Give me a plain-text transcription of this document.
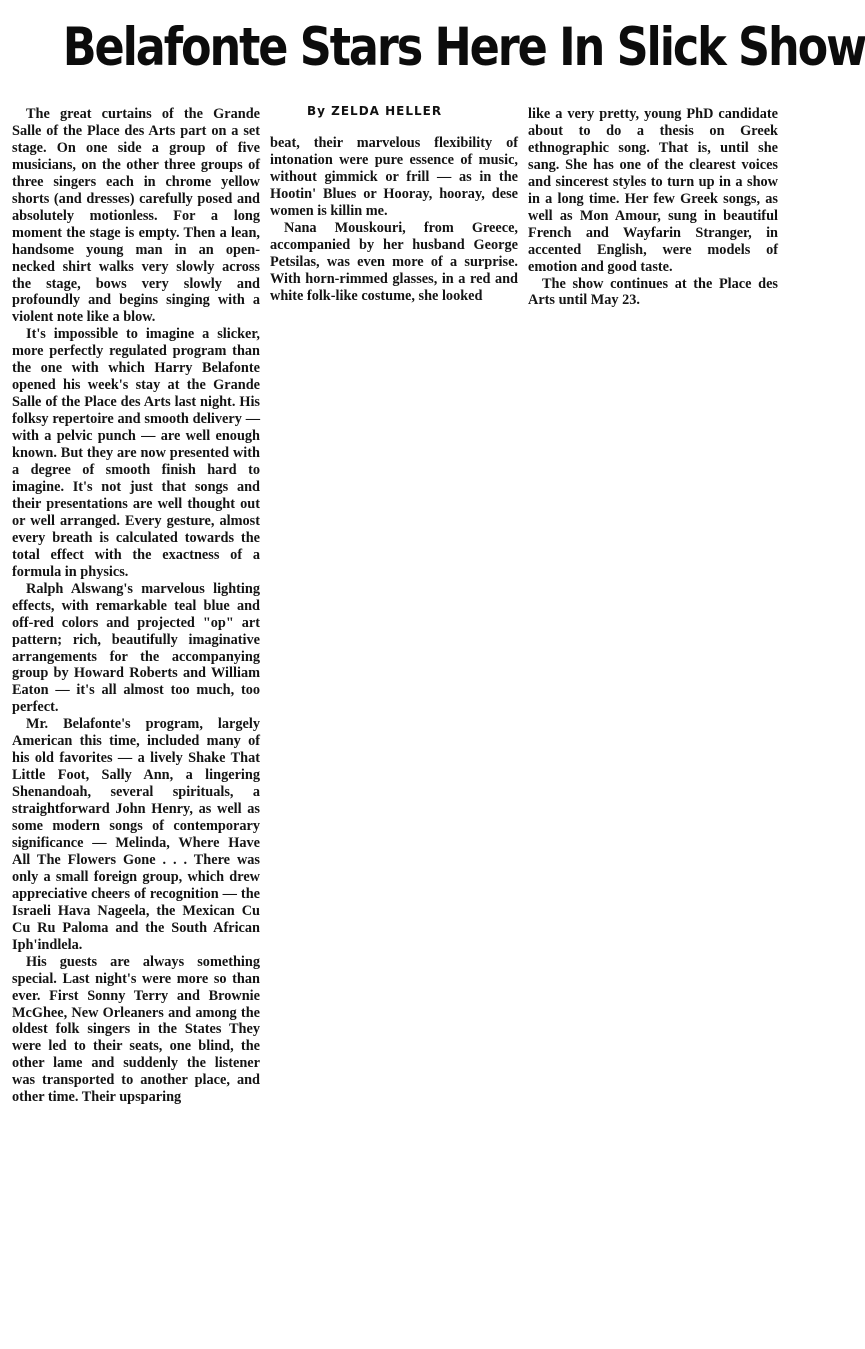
Belafonte Stars Here In Slick Show
By ZELDA HELLER

The great curtains of the Grande Salle of the Place des Arts part on a set stage. On one side a group of five musicians, on the other three groups of three singers each in chrome yellow shorts (and dresses) carefully posed and absolutely motionless. For a long moment the stage is empty. Then a lean, handsome young man in an open-necked shirt walks very slowly across the stage, bows very slowly and profoundly and begins singing with a violent note like a blow.

It's impossible to imagine a slicker, more perfectly regulated program than the one with which Harry Belafonte opened his week's stay at the Grande Salle of the Place des Arts last night. His folksy repertoire and smooth delivery — with a pelvic punch — are well enough known. But they are now presented with a degree of smooth finish hard to imagine. It's not just that songs and their presentations are well thought out or well arranged. Every gesture, almost every breath is calculated towards the total effect with the exactness of a formula in physics.

Ralph Alswang's marvelous lighting effects, with remarkable teal blue and off-red colors and projected "op" art pattern; rich, beautifully imaginative arrangements for the accompanying group by Howard Roberts and William Eaton — it's all almost too much, too perfect.

Mr. Belafonte's program, largely American this time, included many of his old favorites — a lively Shake That Little Foot, Sally Ann, a lingering Shenandoah, several spirituals, a straightforward John Henry, as well as some modern songs of contemporary significance — Melinda, Where Have All The Flowers Gone . . . There was only a small foreign group, which drew appreciative cheers of recognition — the Israeli Hava Nageela, the Mexican Cu Cu Ru Paloma and the South African Iph'indlela.

His guests are always something special. Last night's were more so than ever. First Sonny Terry and Brownie McGhee, New Orleaners and among the oldest folk singers in the States They were led to their seats, one blind, the other lame and suddenly the listener was transported to another place, and other time. Their upsparing

beat, their marvelous flexibility of intonation were pure essence of music, without gimmick or frill — as in the Hootin' Blues or Hooray, hooray, dese women is killin me.

Nana Mouskouri, from Greece, accompanied by her husband George Petsilas, was even more of a surprise. With horn-rimmed glasses, in a red and white folk-like costume, she looked

like a very pretty, young PhD candidate about to do a thesis on Greek ethnographic song. That is, until she sang. She has one of the clearest voices and sincerest styles to turn up in a show in a long time. Her few Greek songs, as well as Mon Amour, sung in beautiful French and Wayfarin Stranger, in accented English, were models of emotion and good taste.

The show continues at the Place des Arts until May 23.
